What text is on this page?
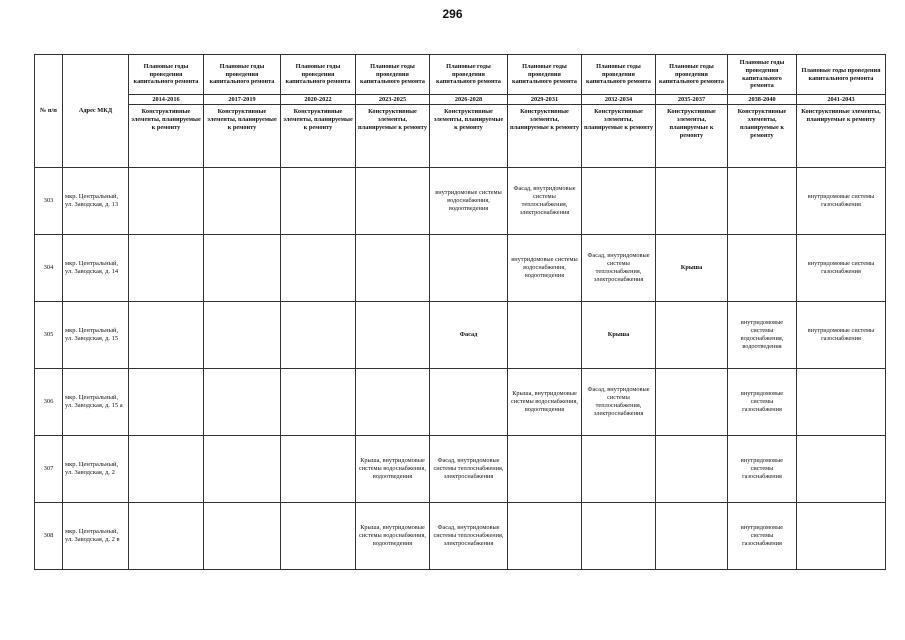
296
№ п/п	Адрес МКД	Плановые годы проведения капитального ремонта	Плановые годы проведения капитального ремонта	Плановые годы проведения капитального ремонта	Плановые годы проведения капитального ремонта	Плановые годы проведения капитального ремонта	Плановые годы проведения капитального ремонта	Плановые годы проведения капитального ремонта	Плановые годы проведения капитального ремонта	Плановые годы проведения капитального ремонта	Плановые годы проведения капитального ремонта
		2014-2016	2017-2019	2020-2022	2023-2025	2026-2028	2029-2031	2032-2034	2035-2037	2038-2040	2041-2043
		Конструктивные элементы, планируемые к ремонту	Конструктивные элементы, планируемые к ремонту	Конструктивные элементы, планируемые к ремонту	Конструктивные элементы, планируемые к ремонту	Конструктивные элементы, планируемые к ремонту	Конструктивные элементы, планируемые к ремонту	Конструктивные элементы, планируемые к ремонту	Конструктивные элементы, планируемые к ремонту	Конструктивные элементы, планируемые к ремонту	Конструктивные элементы, планируемые к ремонту
303	мкр. Центральный, ул. Заводская, д. 13					внутридомовые системы водоснабжения, водоотведения	Фасад, внутридомовые системы теплоснабжения, электроснабжения				внутридомовые системы газоснабжения
304	мкр. Центральный, ул. Заводская, д. 14						внутридомовые системы водоснабжения, водоотведения	Фасад, внутридомовые системы теплоснабжения, электроснабжения	Крыша		внутридомовые системы газоснабжения
305	мкр. Центральный, ул. Заводская, д. 15					Фасад		Крыша		внутридомовые системы водоснабжения, водоотведения	внутридомовые системы газоснабжения
306	мкр. Центральный, ул. Заводская, д. 15 а						Крыша, внутридомовые системы водоснабжения, водоотведения	Фасад, внутридомовые системы теплоснабжения, электроснабжения		внутридомовые системы газоснабжения	
307	мкр. Центральный, ул. Заводская, д. 2				Крыша, внутридомовые системы водоснабжения, водоотведения	Фасад, внутридомовые системы теплоснабжения, электроснабжения				внутридомовые системы газоснабжения	
308	мкр. Центральный, ул. Заводская, д. 2 в				Крыша, внутридомовые системы водоснабжения, водоотведения	Фасад, внутридомовые системы теплоснабжения, электроснабжения				внутридомовые системы газоснабжения	
